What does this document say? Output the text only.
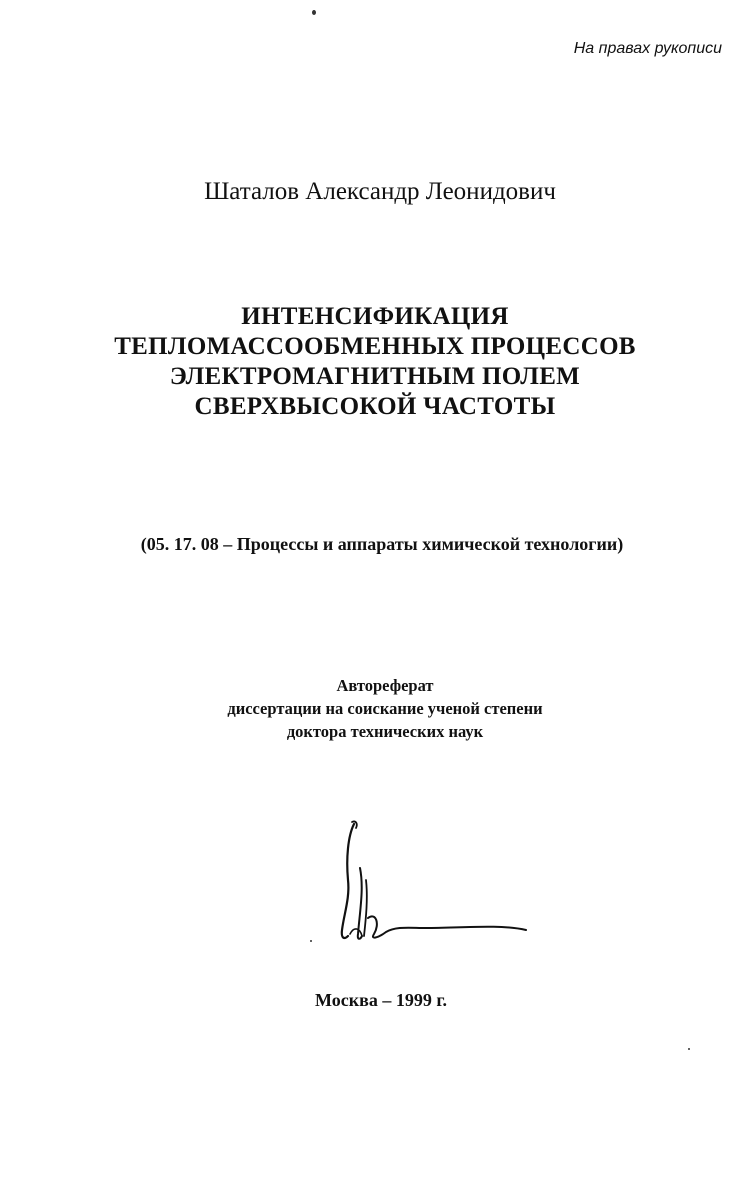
На правах рукописи
Шаталов Александр Леонидович
ИНТЕНСИФИКАЦИЯ
ТЕПЛОМАССООБМЕННЫХ ПРОЦЕССОВ
ЭЛЕКТРОМАГНИТНЫМ ПОЛЕМ
СВЕРХВЫСОКОЙ ЧАСТОТЫ
(05. 17. 08 – Процессы и аппараты химической технологии)
Автореферат
диссертации на соискание ученой степени
доктора технических наук
Москва – 1999 г.
